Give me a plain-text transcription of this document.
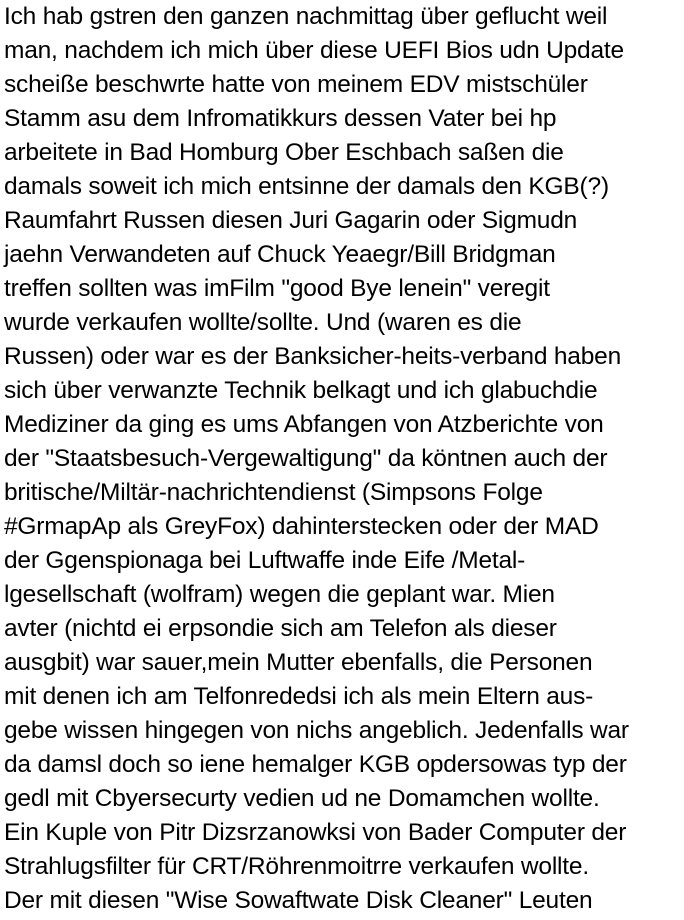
Ich hab gstren den ganzen nachmittag über geflucht weil
man, nachdem ich mich über diese UEFI Bios udn Update
scheiße beschwrte hatte von meinem EDV mistschüler
Stamm asu dem Infromatikkurs dessen Vater bei hp
arbeitete in Bad Homburg Ober Eschbach saßen die
damals soweit ich mich entsinne der damals den KGB(?)
Raumfahrt Russen diesen Juri Gagarin oder Sigmudn
jaehn Verwandeten auf Chuck Yeaegr/Bill Bridgman
treffen sollten was imFilm "good Bye lenein" veregit
wurde verkaufen wollte/sollte. Und (waren es die
Russen) oder war es der Banksicher-heits-verband haben
sich über verwanzte Technik belkagt und ich glabuchdie
Mediziner da ging es ums Abfangen von Atzberichte von
der "Staatsbesuch-Vergewaltigung" da köntnen auch der
britische/Miltär-nachrichtendienst (Simpsons Folge
#GrmapAp als GreyFox) dahinterstecken oder der MAD
der Ggenspionaga bei Luftwaffe inde Eife /Metal-
lgesellschaft (wolfram) wegen die geplant war. Mien
avter (nichtd ei erpsondie sich am Telefon als dieser
ausgbit) war sauer,mein Mutter ebenfalls, die Personen
mit denen ich am Telfonrededsi ich als mein Eltern aus-
gebe wissen hingegen von nichs angeblich. Jedenfalls war
da damsl doch so iene hemalger KGB opdersowas typ der
gedl mit Cbyersecurty vedien ud ne Domamchen wollte.
Ein Kuple von Pitr Dizsrzanowksi von Bader Computer der
Strahlugsfilter für CRT/Röhrenmoitrre verkaufen wollte.
Der mit diesen "Wise Sowaftwate Disk Cleaner" Leuten
